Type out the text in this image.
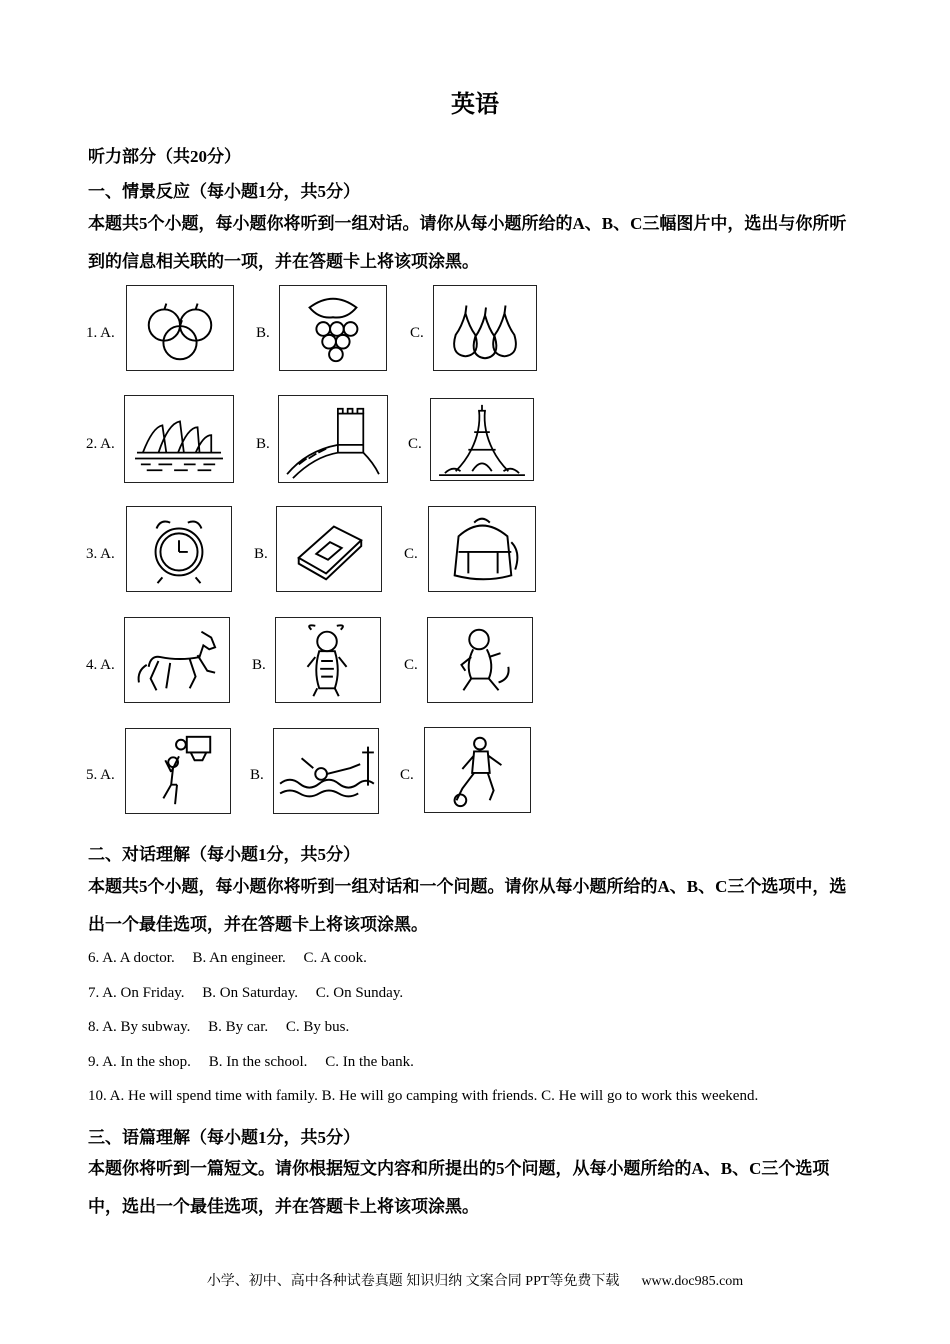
英语
听力部分（共20分）
一、情景反应（每小题1分，共5分）
本题共5个小题，每小题你将听到一组对话。请你从每小题所给的A、B、C三幅图片中，选出与你所听到的信息相关联的一项，并在答题卡上将该项涂黑。
1. A.	B.	C.
2. A.	B.	C.
3. A.	B.	C.
4. A.	B.	C.
5. A.	B.	C.
二、对话理解（每小题1分，共5分）
本题共5个小题，每小题你将听到一组对话和一个问题。请你从每小题所给的A、B、C三个选项中，选出一个最佳选项，并在答题卡上将该项涂黑。
6. A. A doctor. B. An engineer. C. A cook.
7. A. On Friday. B. On Saturday. C. On Sunday.
8. A. By subway. B. By car. C. By bus.
9. A. In the shop. B. In the school. C. In the bank.
10. A. He will spend time with family. B. He will go camping with friends. C. He will go to work this weekend.
三、语篇理解（每小题1分，共5分）
本题你将听到一篇短文。请你根据短文内容和所提出的5个问题，从每小题所给的A、B、C三个选项中，选出一个最佳选项，并在答题卡上将该项涂黑。
小学、初中、高中各种试卷真题 知识归纳 文案合同 PPT等免费下载 www.doc985.com
